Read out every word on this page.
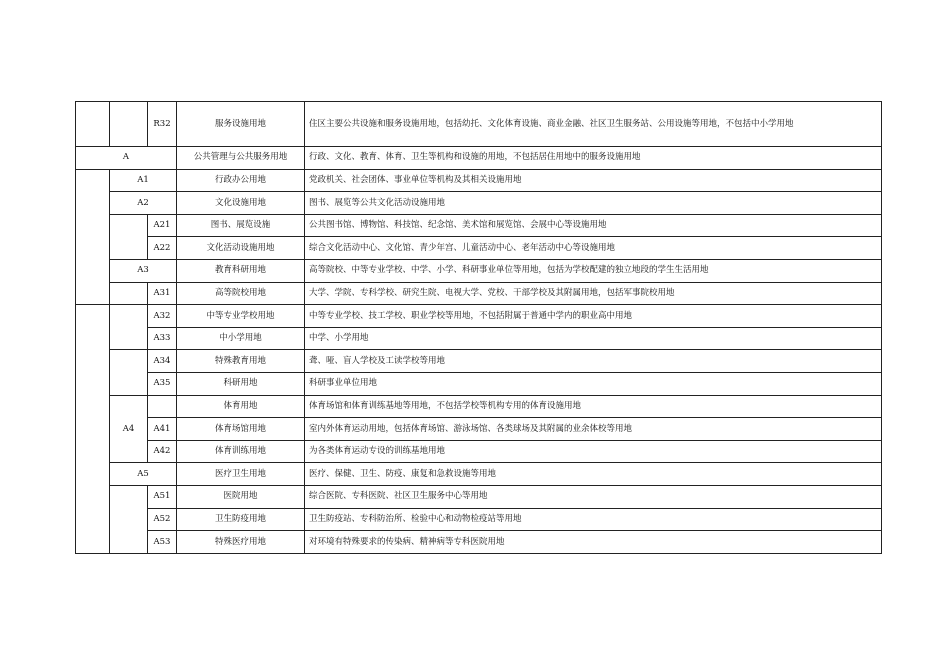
		R32	服务设施用地	住区主要公共设施和服务设施用地，包括幼托、文化体育设施、商业金融、社区卫生服务站、公用设施等用地，不包括中小学用地
A			公共管理与公共服务用地	行政、文化、教育、体育、卫生等机构和设施的用地，不包括居住用地中的服务设施用地
	A1		行政办公用地	党政机关、社会团体、事业单位等机构及其相关设施用地
	A2		文化设施用地	图书、展览等公共文化活动设施用地
		A21	图书、展览设施	公共图书馆、博物馆、科技馆、纪念馆、美术馆和展览馆、会展中心等设施用地
		A22	文化活动设施用地	综合文化活动中心、文化馆、青少年宫、儿童活动中心、老年活动中心等设施用地
	A3		教育科研用地	高等院校、中等专业学校、中学、小学、科研事业单位等用地，包括为学校配建的独立地段的学生生活用地
		A31	高等院校用地	大学、学院、专科学校、研究生院、电视大学、党校、干部学校及其附属用地，包括军事院校用地
		A32	中等专业学校用地	中等专业学校、技工学校、职业学校等用地，不包括附属于普通中学内的职业高中用地
		A33	中小学用地	中学、小学用地
		A34	特殊教育用地	聋、哑、盲人学校及工读学校等用地
		A35	科研用地	科研事业单位用地
	A4		体育用地	体育场馆和体育训练基地等用地，不包括学校等机构专用的体育设施用地
		A41	体育场馆用地	室内外体育运动用地，包括体育场馆、游泳场馆、各类球场及其附属的业余体校等用地
		A42	体育训练用地	为各类体育运动专设的训练基地用地
	A5		医疗卫生用地	医疗、保健、卫生、防疫、康复和急救设施等用地
		A51	医院用地	综合医院、专科医院、社区卫生服务中心等用地
		A52	卫生防疫用地	卫生防疫站、专科防治所、检验中心和动物检疫站等用地
		A53	特殊医疗用地	对环境有特殊要求的传染病、精神病等专科医院用地
